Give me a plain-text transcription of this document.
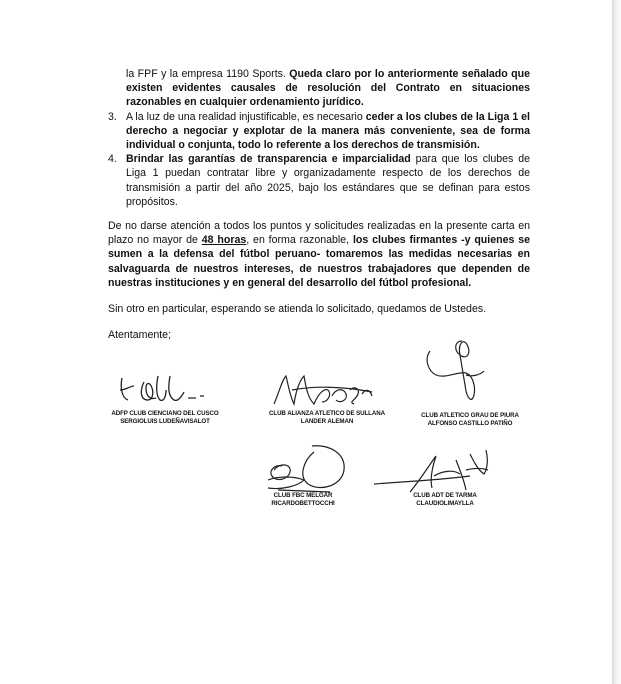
la FPF y la empresa 1190 Sports. Queda claro por lo anteriormente señalado que existen evidentes causales de resolución del Contrato en situaciones razonables en cualquier ordenamiento jurídico.

3. A la luz de una realidad injustificable, es necesario ceder a los clubes de la Liga 1 el derecho a negociar y explotar de la manera más conveniente, sea de forma individual o conjunta, todo lo referente a los derechos de transmisión.

4. Brindar las garantías de transparencia e imparcialidad para que los clubes de Liga 1 puedan contratar libre y organizadamente respecto de los derechos de transmisión a partir del año 2025, bajo los estándares que se definan para estos propósitos.

De no darse atención a todos los puntos y solicitudes realizadas en la presente carta en plazo no mayor de 48 horas, en forma razonable, los clubes firmantes -y quienes se sumen a la defensa del fútbol peruano- tomaremos las medidas necesarias en salvaguarda de nuestros intereses, de nuestros trabajadores que dependen de nuestras instituciones y en general del desarrollo del fútbol profesional.

Sin otro en particular, esperando se atienda lo solicitado, quedamos de Ustedes.

Atentamente;

ADFP CLUB CIENCIANO DEL CUSCO
SERGIOLUIS LUDEÑAVISALOT
CLUB ALIANZA ATLETICO DE SULLANA
LANDER ALEMAN
CLUB ATLETICO GRAU DE PIURA
ALFONSO CASTILLO PATIÑO
CLUB FBC MELGAR
RICARDOBETTOCCHI
CLUB ADT DE TARMA
CLAUDIOLIMAYLLA
